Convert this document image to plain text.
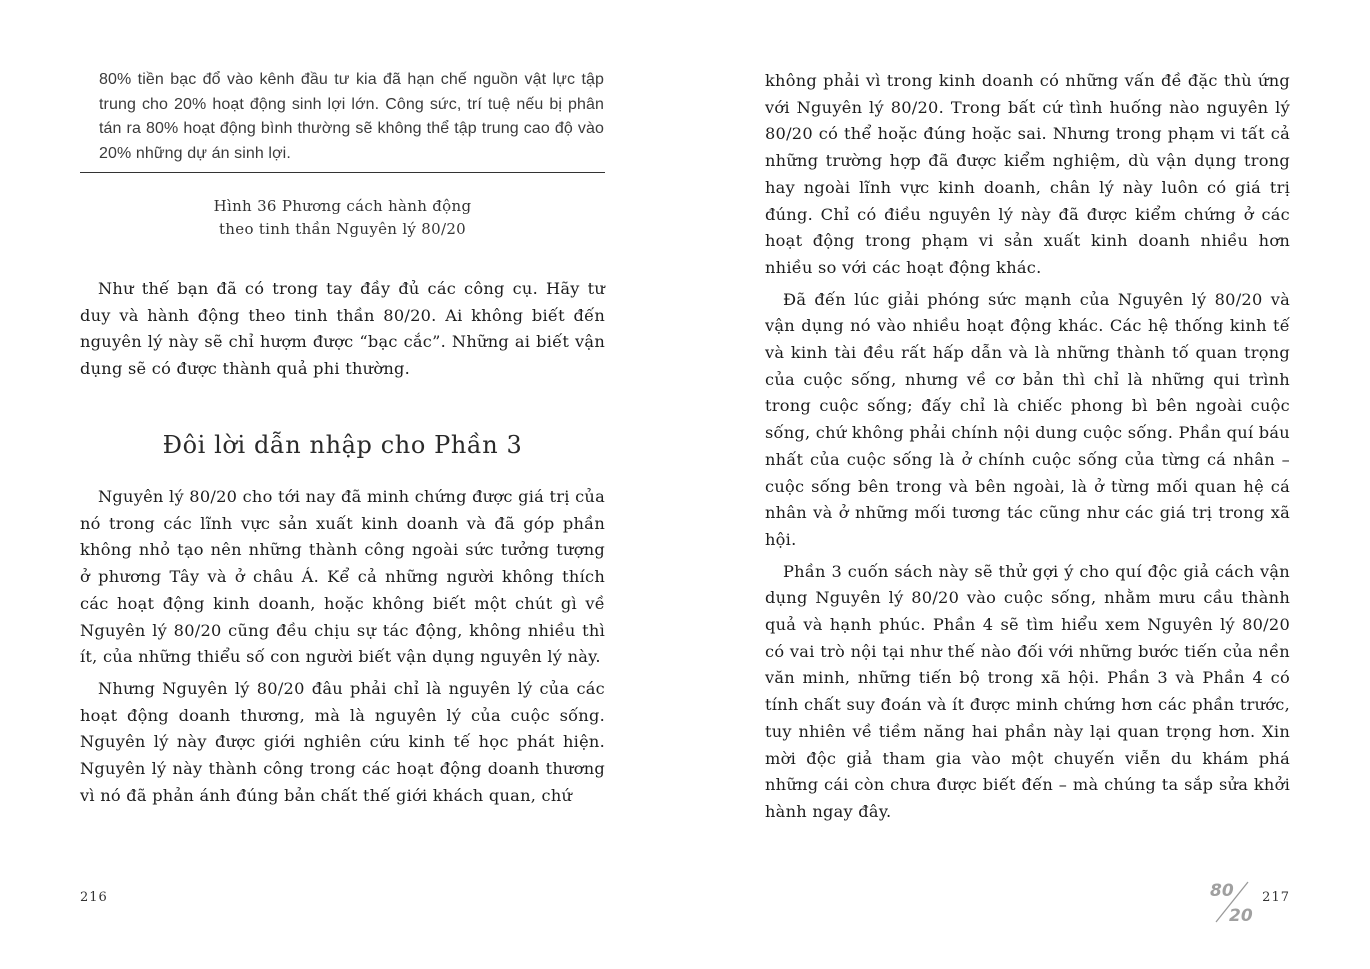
80% tiền bạc đổ vào kênh đầu tư kia đã hạn chế nguồn vật lực tập trung cho 20% hoạt động sinh lợi lớn. Công sức, trí tuệ nếu bị phân tán ra 80% hoạt động bình thường sẽ không thể tập trung cao độ vào 20% những dự án sinh lợi.

Hình 36 Phương cách hành động
theo tinh thần Nguyên lý 80/20

Như thế bạn đã có trong tay đầy đủ các công cụ. Hãy tư duy và hành động theo tinh thần 80/20. Ai không biết đến nguyên lý này sẽ chỉ hượm được “bạc cắc”. Những ai biết vận dụng sẽ có được thành quả phi thường.

Đôi lời dẫn nhập cho Phần 3

Nguyên lý 80/20 cho tới nay đã minh chứng được giá trị của nó trong các lĩnh vực sản xuất kinh doanh và đã góp phần không nhỏ tạo nên những thành công ngoài sức tưởng tượng ở phương Tây và ở châu Á. Kể cả những người không thích các hoạt động kinh doanh, hoặc không biết một chút gì về Nguyên lý 80/20 cũng đều chịu sự tác động, không nhiều thì ít, của những thiểu số con người biết vận dụng nguyên lý này.

Nhưng Nguyên lý 80/20 đâu phải chỉ là nguyên lý của các hoạt động doanh thương, mà là nguyên lý của cuộc sống. Nguyên lý này được giới nghiên cứu kinh tế học phát hiện. Nguyên lý này thành công trong các hoạt động doanh thương vì nó đã phản ánh đúng bản chất thế giới khách quan, chứ

216

không phải vì trong kinh doanh có những vấn đề đặc thù ứng với Nguyên lý 80/20. Trong bất cứ tình huống nào nguyên lý 80/20 có thể hoặc đúng hoặc sai. Nhưng trong phạm vi tất cả những trường hợp đã được kiểm nghiệm, dù vận dụng trong hay ngoài lĩnh vực kinh doanh, chân lý này luôn có giá trị đúng. Chỉ có điều nguyên lý này đã được kiểm chứng ở các hoạt động trong phạm vi sản xuất kinh doanh nhiều hơn nhiều so với các hoạt động khác.

Đã đến lúc giải phóng sức mạnh của Nguyên lý 80/20 và vận dụng nó vào nhiều hoạt động khác. Các hệ thống kinh tế và kinh tài đều rất hấp dẫn và là những thành tố quan trọng của cuộc sống, nhưng về cơ bản thì chỉ là những qui trình trong cuộc sống; đấy chỉ là chiếc phong bì bên ngoài cuộc sống, chứ không phải chính nội dung cuộc sống. Phần quí báu nhất của cuộc sống là ở chính cuộc sống của từng cá nhân – cuộc sống bên trong và bên ngoài, là ở từng mối quan hệ cá nhân và ở những mối tương tác cũng như các giá trị trong xã hội.

Phần 3 cuốn sách này sẽ thử gợi ý cho quí độc giả cách vận dụng Nguyên lý 80/20 vào cuộc sống, nhằm mưu cầu thành quả và hạnh phúc. Phần 4 sẽ tìm hiểu xem Nguyên lý 80/20 có vai trò nội tại như thế nào đối với những bước tiến của nền văn minh, những tiến bộ trong xã hội. Phần 3 và Phần 4 có tính chất suy đoán và ít được minh chứng hơn các phần trước, tuy nhiên về tiềm năng hai phần này lại quan trọng hơn. Xin mời độc giả tham gia vào một chuyến viễn du khám phá những cái còn chưa được biết đến – mà chúng ta sắp sửa khởi hành ngay đây.

80
20
217
